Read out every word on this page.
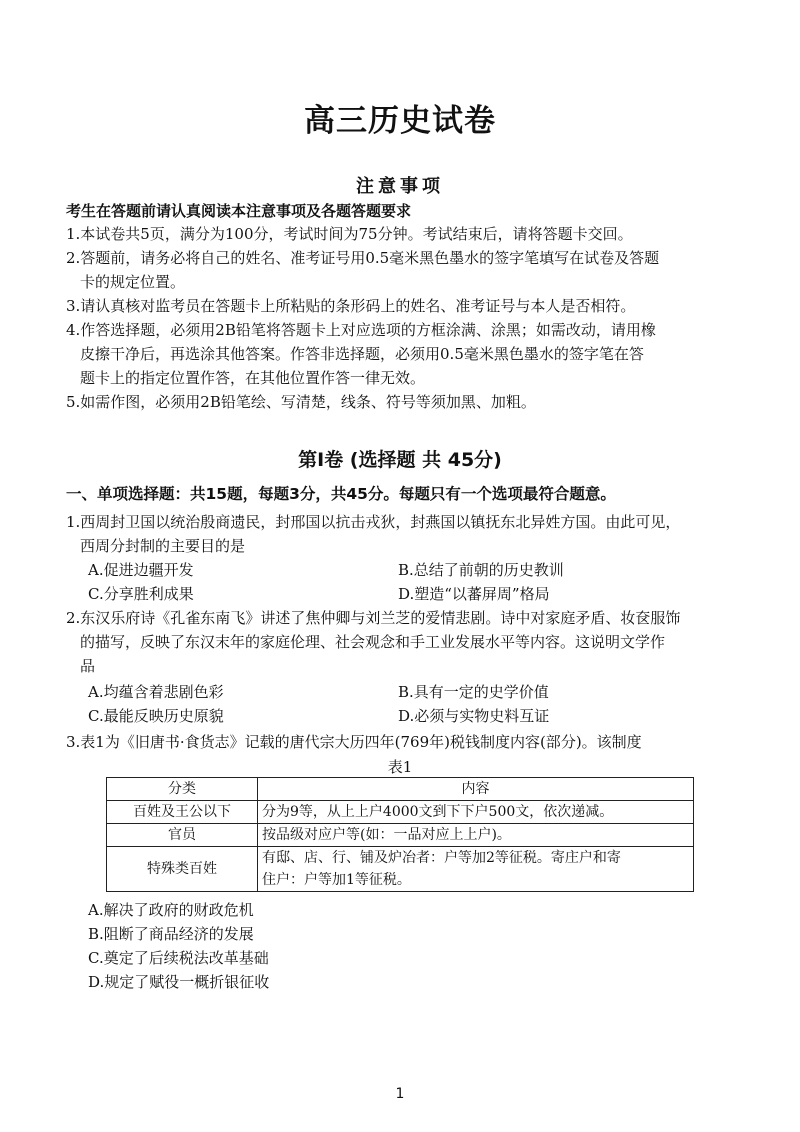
高三历史试卷
注意事项
考生在答题前请认真阅读本注意事项及各题答题要求
1.本试卷共5页，满分为100分，考试时间为75分钟。考试结束后，请将答题卡交回。
2.答题前，请务必将自己的姓名、准考证号用0.5毫米黑色墨水的签字笔填写在试卷及答题
卡的规定位置。
3.请认真核对监考员在答题卡上所粘贴的条形码上的姓名、准考证号与本人是否相符。
4.作答选择题，必须用2B铅笔将答题卡上对应选项的方框涂满、涂黑；如需改动，请用橡
皮擦干净后，再选涂其他答案。作答非选择题，必须用0.5毫米黑色墨水的签字笔在答
题卡上的指定位置作答，在其他位置作答一律无效。
5.如需作图，必须用2B铅笔绘、写清楚，线条、符号等须加黑、加粗。
第I卷 (选择题 共 45分)
一、单项选择题：共15题，每题3分，共45分。每题只有一个选项最符合题意。
1.西周封卫国以统治殷商遗民，封邢国以抗击戎狄，封燕国以镇抚东北异姓方国。由此可见，
西周分封制的主要目的是
A.促进边疆开发	B.总结了前朝的历史教训
C.分享胜利成果	D.塑造“以蕃屏周”格局
2.东汉乐府诗《孔雀东南飞》讲述了焦仲卿与刘兰芝的爱情悲剧。诗中对家庭矛盾、妆奁服饰
的描写，反映了东汉末年的家庭伦理、社会观念和手工业发展水平等内容。这说明文学作
品
A.均蕴含着悲剧色彩	B.具有一定的史学价值
C.最能反映历史原貌	D.必须与实物史料互证
3.表1为《旧唐书·食货志》记载的唐代宗大历四年(769年)税钱制度内容(部分)。该制度
表1
分类	内容
百姓及王公以下	分为9等，从上上户4000文到下下户500文，依次递减。

官员	按品级对应户等(如：一品对应上上户)。

特殊类百姓	有邸、店、行、铺及炉冶者：户等加2等征税。寄庄户和寄
住户：户等加1等征税。
A.解决了政府的财政危机
B.阻断了商品经济的发展
C.奠定了后续税法改革基础
D.规定了赋役一概折银征收
1
